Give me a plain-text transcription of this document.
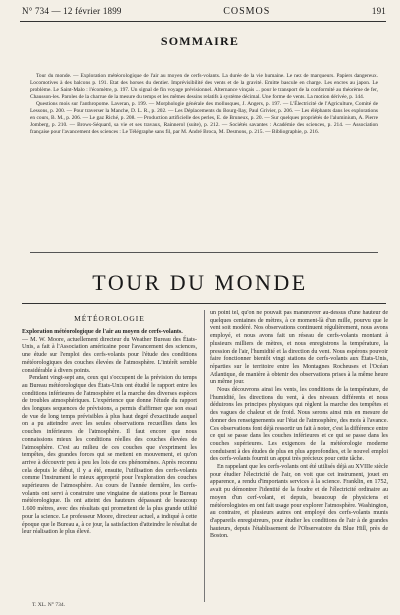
N° 734 — 12 février 1899	COSMOS	191
SOMMAIRE

Tour du monde. — Exploration météorologique de l'air au moyen de cerfs-volants. La durée de la vie humaine. Le nez de marqueurs. Papiers dangereux. Locomotives à des balcons p. 191. Etat des horses du dentier. Imprévisibilité des vents et de la gravité. Emitte bascule en charge. Les encres au japon. Le problème. Le Saint-Malo : l'écomètre, p. 197. Un signal de fin voyage prévisionnel. Alternance vinçais ... pour le transport de la conformité au théorème de fer, Chausson-les. Paroles de la charrue de la mesure du temps et les mêmes dessins relatifs à système décimal. Une forme de vents. La motion dérivée, p. 144.

Questions mois sur l'anthropome. Laveran, p. 199. — Morphologie générale des mollusques, J. Angers, p. 197. — L'Électricité de l'Agriculture, Comité de Lessons, p. 200. — Pour traverser la Manche, D. L. R., p. 202. — Les Déplacements du Bourg-Ilay, Paul Grivier, p. 206. — Les éléphants dans les explorations en cours, B. M., p. 206. — Le gaz Riché, p. 208. — Production artificielle des perles, E. de Bruneux, p. 20. — Sur quelques propriétés de l'aluminium, A. Pierre Jomberg, p. 210. — Brows-Séquard, sa vie et ses travaux, Rainnerol (suite), p. 212. — Sociétés savantes : Académie des sciences, p. 214. — Association française pour l'avancement des sciences : Le Télégraphe sans fil, par M. André Broca, M. Desmons, p. 215. — Bibliographie, p. 216.

TOUR DU MONDE
MÉTÉOROLOGIE

Exploration météorologique de l'air au moyen de cerfs-volants.

— M. W. Moore, actuellement directeur du Weather Bureau des États-Unis, a fait à l'Association américaine pour l'avancement des sciences, une étude sur l'emploi des cerfs-volants pour l'étude des conditions météorologiques des couches élevées de l'atmosphère. L'intérêt semble considérable à divers points.

Pendant vingt-sept ans, ceux qui s'occupent de la prévision du temps au Bureau météorologique des États-Unis ont étudié le rapport entre les conditions inférieures de l'atmosphère et la marche des diverses espèces de troubles atmosphériques. L'expérience que donne l'étude du rapport des longues sequences de prévisions, a permis d'affirmer que son essai de vue de long temps prévisibles à plus haut degré d'exactitude auquel on a pu atteindre avec les seules observations recueillies dans les couches inférieures de l'atmosphère. Il faut encore que nous connaissions mieux les conditions réelles des couches élevées de l'atmosphère. C'est au milieu de ces couches que s'expriment les tempêtes, des grandes forces qui se mettent en mouvement, et qu'on arrive à découvrir peu à peu les lois de ces phénomènes. Après reconnu cela depuis le début, il y a été, ensuite, l'utilisation des cerfs-volants comme l'instrument le mieux approprié pour l'exploration des couches supérieures de l'atmosphère. Au cours de l'année dernière, les cerfs-volants ont servi à construire une vingtaine de stations pour le Bureau météorologique. Ils ont atteint des hauteurs dépassant de beaucoup 1.600 mètres, avec des résultats qui promettent de la plus grande utilité pour la science. Le professeur Moore, directeur actuel, a indiqué à cette époque que le Bureau a, à ce jour, la satisfaction d'atteindre le résultat de leur réalisation le plus élevé.

un point tel, qu'on ne pouvait pas manœuvrer au-dessus d'une hauteur de quelques centaines de mètres, à ce moment-là d'un mille, pourvu que le vent soit modéré. Nos observations continuent régulièrement, nous avons employé, et nous avons fait un réseau de cerfs-volants montant à plusieurs milliers de mètres, et nous enregistrons la température, la pression de l'air, l'humidité et la direction du vent. Nous espérons pouvoir faire fonctionner bientôt vingt stations de cerfs-volants aux États-Unis, réparties sur le territoire entre les Montagnes Rocheuses et l'Océan Atlantique, de manière à obtenir des observations prises à la même heure un même jour.

Nous découvrons ainsi les vents, les conditions de la température, de l'humidité, les directions du vent, à des niveaux différents et nous déduirons les principes physiques qui règlent la marche des tempêtes et des vagues de chaleur et de froid. Nous serons ainsi mis en mesure de donner des renseignements sur l'état de l'atmosphère, des mois à l'avance. Ces observations font déjà ressortir un fait à noter, c'est la différence entre ce qui se passe dans les couches inférieures et ce qui se passe dans les couches supérieures. Les exigences de la météorologie moderne conduisent à des études de plus en plus approfondies, et le nouvel emploi des cerfs-volants fournit un appui très précieux pour cette tâche.

En rappelant que les cerfs-volants ont été utilisés déjà au XVIIIe siècle pour étudier l'électricité de l'air, on voit que cet instrument, jouet en apparence, a rendu d'importants services à la science. Franklin, en 1752, avait pu démontrer l'identité de la foudre et de l'électricité ordinaire au moyen d'un cerf-volant, et depuis, beaucoup de physiciens et météorologistes en ont fait usage pour explorer l'atmosphère. Washington, au contraire, et plusieurs autres ont employé des cerfs-volants munis d'appareils enregistreurs, pour étudier les conditions de l'air à de grandes hauteurs, depuis l'établissement de l'Observatoire du Blue Hill, près de Boston.

T. XL. N° 734.
